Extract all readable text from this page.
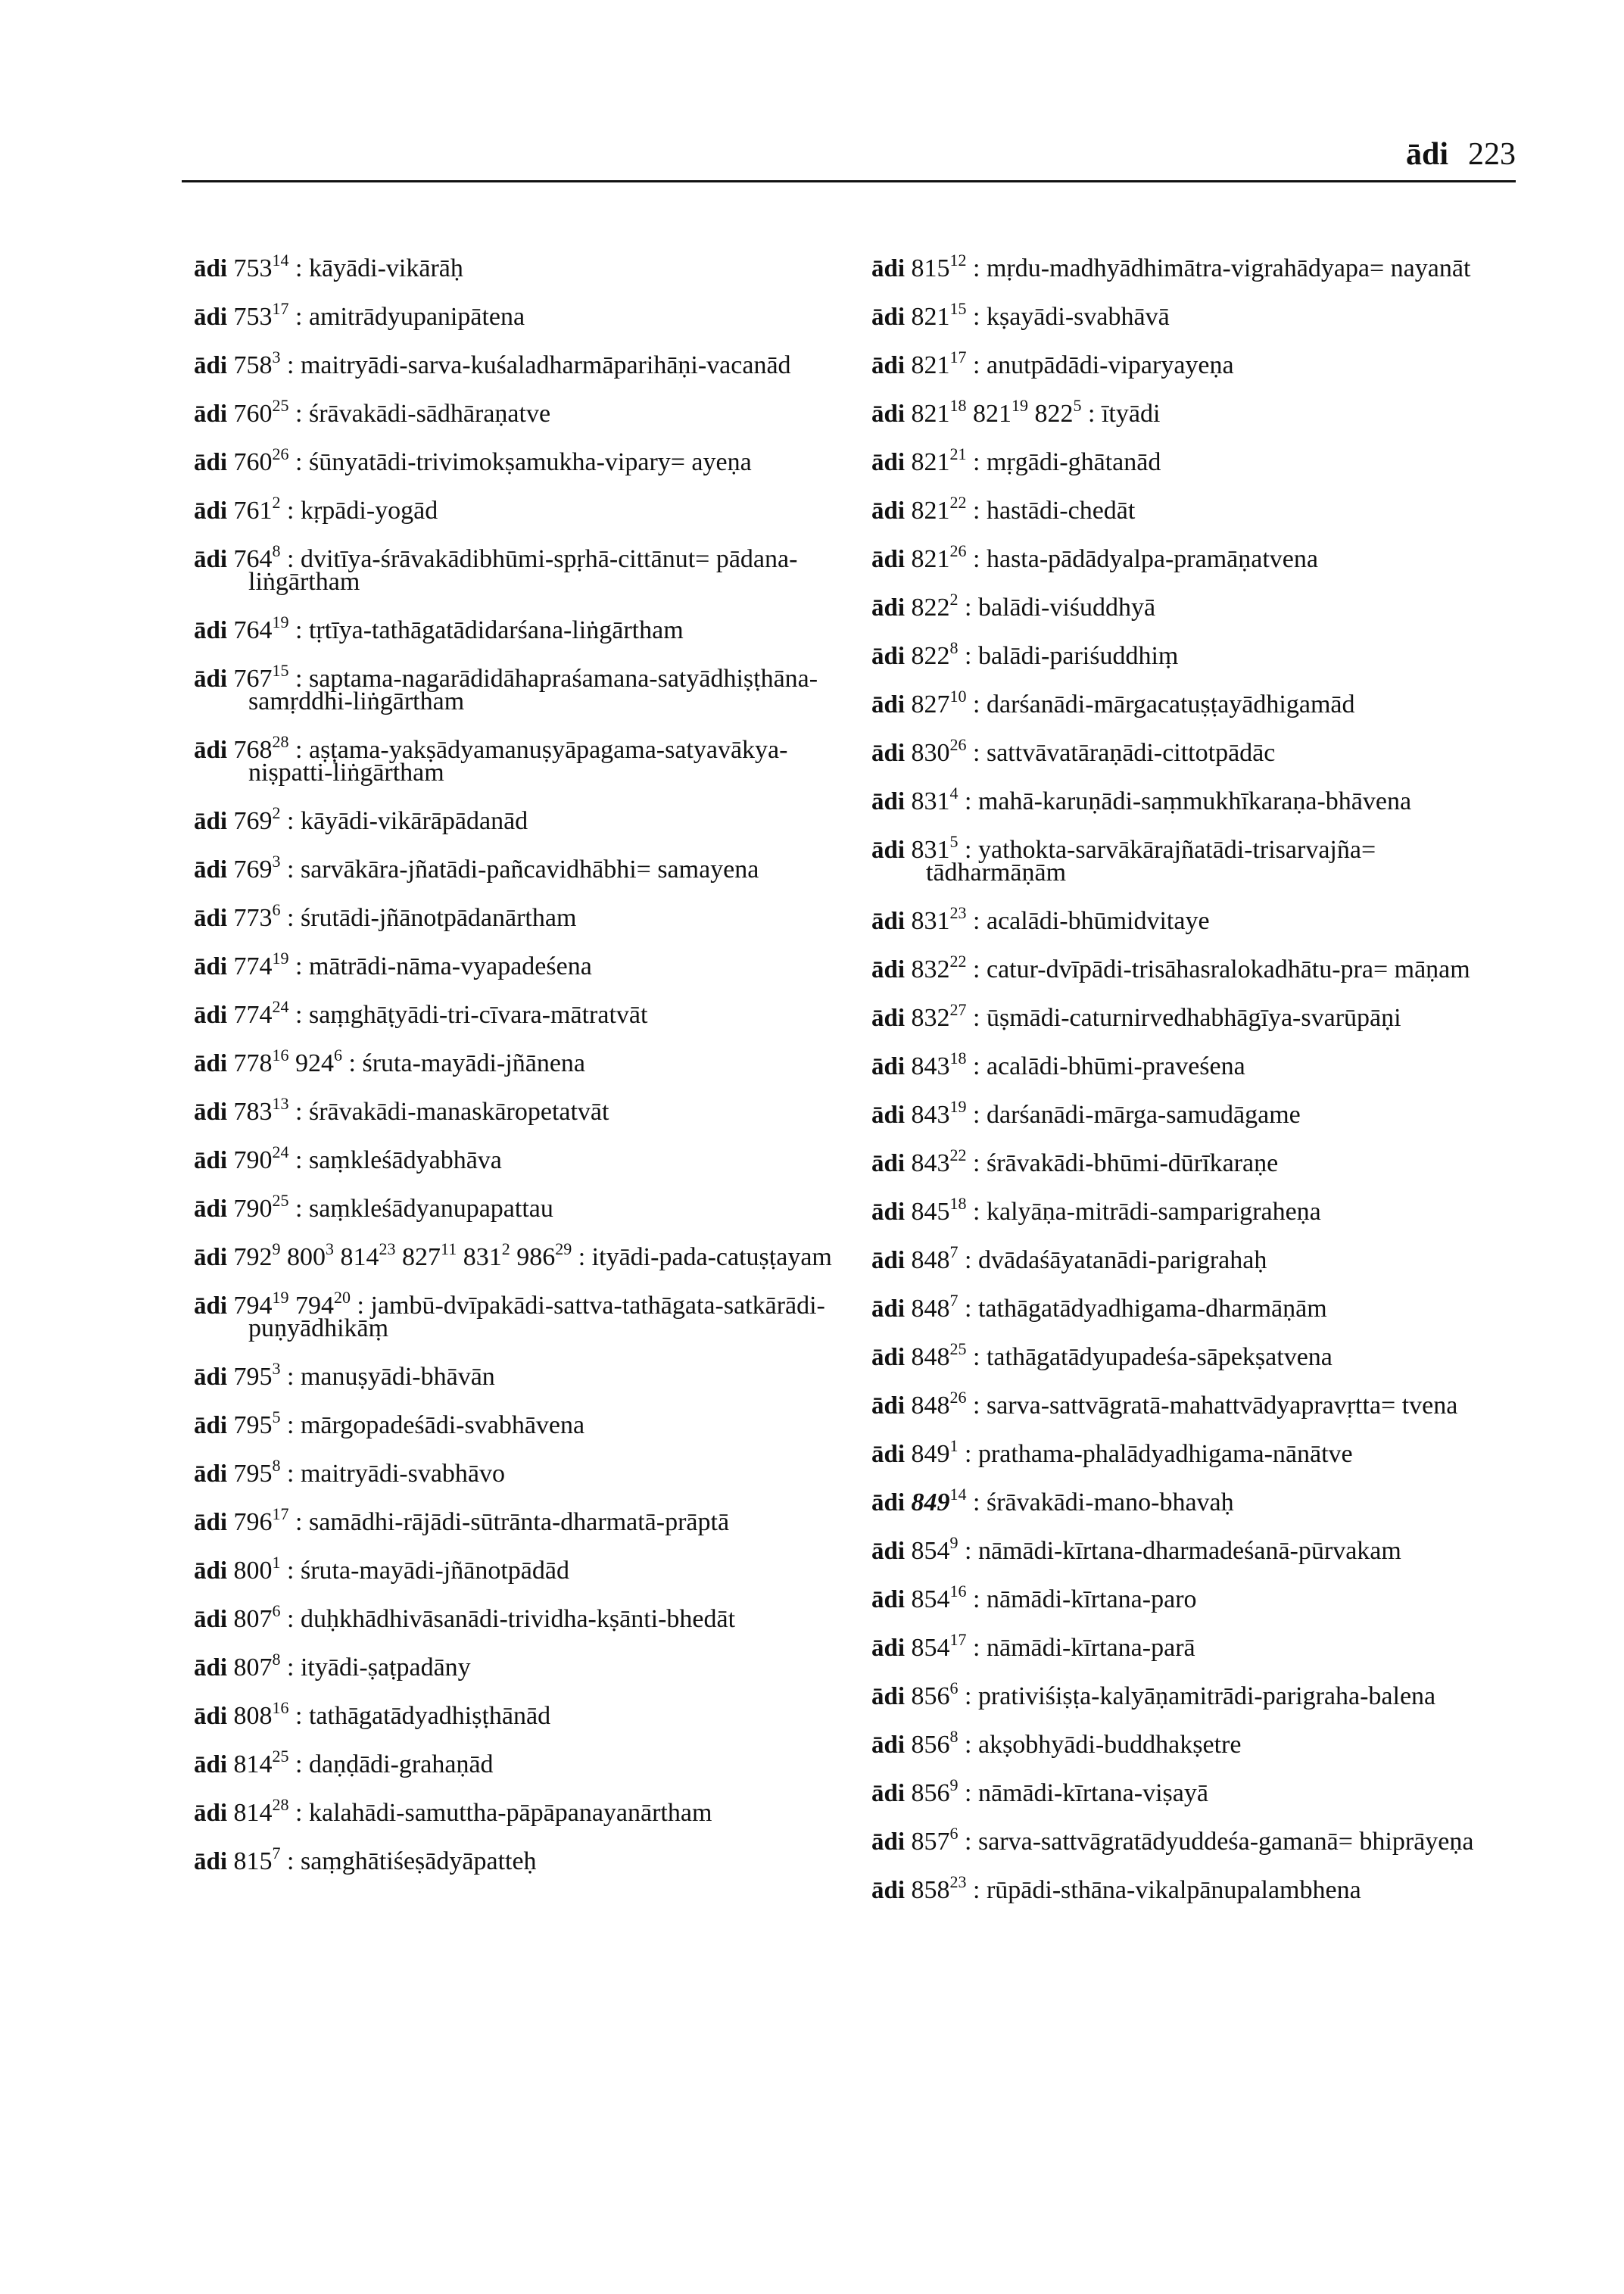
ādi 223
ādi $753^{14}$ : kāyādi-vikārāḥ
ādi $753^{17}$ : amitrādyupanipātena
ādi $758^3$ : maitryādi-sarva-kuśaladharmāparihāṇi-vacanād
ādi $760^{25}$ : śrāvakādi-sādhāraṇatve
ādi $760^{26}$ : śūnyatādi-trivimokṣamukha-vipary= ayeṇa
ādi $761^2$ : kṛpādi-yogād
ādi $764^8$ : dvitīya-śrāvakādibhūmi-spṛhā-cittānut= pādana-liṅgārtham
ādi $764^{19}$ : tṛtīya-tathāgatādidarśana-liṅgārtham
ādi $767^{15}$ : saptama-nagarādidāhapraśamana-satyādhiṣṭhāna-samṛddhi-liṅgārtham
ādi $768^{28}$ : aṣṭama-yakṣādyamanuṣyāpagama-satyavākya-niṣpatti-liṅgārtham
ādi $769^2$ : kāyādi-vikārāpādanād
ādi $769^3$ : sarvākāra-jñatādi-pañcavidhābhi= samayena
ādi $773^6$ : śrutādi-jñānotpādanārtham
ādi $774^{19}$ : mātrādi-nāma-vyapadeśena
ādi $774^{24}$ : saṃghāṭyādi-tri-cīvara-mātratvāt
ādi $778^{16}$ $924^6$ : śruta-mayādi-jñānena
ādi $783^{13}$ : śrāvakādi-manaskāropetatvāt
ādi $790^{24}$ : saṃkleśādyabhāva
ādi $790^{25}$ : saṃkleśādyanupapattau
ādi $792^9$ $800^3$ $814^{23}$ $827^{11}$ $831^2$ $986^{29}$ : ityādi-pada-catuṣṭayam
ādi $794^{19}$ $794^{20}$ : jambū-dvīpakādi-sattva-tathāgata-satkārādi-puṇyādhikāṃ
ādi $795^3$ : manuṣyādi-bhāvān
ādi $795^5$ : mārgopadeśādi-svabhāvena
ādi $795^8$ : maitryādi-svabhāvo
ādi $796^{17}$ : samādhi-rājādi-sūtrānta-dharmatā-prāptā
ādi $800^1$ : śruta-mayādi-jñānotpādād
ādi $807^6$ : duḥkhādhivāsanādi-trividha-kṣānti-bhedāt
ādi $807^8$ : ityādi-ṣaṭpadāny
ādi $808^{16}$ : tathāgatādyadhiṣṭhānād
ādi $814^{25}$ : daṇḍādi-grahaṇād
ādi $814^{28}$ : kalahādi-samuttha-pāpāpanayanārtham
ādi $815^7$ : saṃghātiśeṣādyāpatteḥ
ādi $815^{12}$ : mṛdu-madhyādhimātra-vigrahādyapa= nayanāt
ādi $821^{15}$ : kṣayādi-svabhāvā
ādi $821^{17}$ : anutpādādi-viparyayeṇa
ādi $821^{18}$ $821^{19}$ $822^5$ : ītyādi
ādi $821^{21}$ : mṛgādi-ghātanād
ādi $821^{22}$ : hastādi-chedāt
ādi $821^{26}$ : hasta-pādādyalpa-pramāṇatvena
ādi $822^2$ : balādi-viśuddhyā
ādi $822^8$ : balādi-pariśuddhiṃ
ādi $827^{10}$ : darśanādi-mārgacatuṣṭayādhigamād
ādi $830^{26}$ : sattvāvatāraṇādi-cittotpādāc
ādi $831^4$ : mahā-karuṇādi-saṃmukhīkaraṇa-bhāvena
ādi $831^5$ : yathokta-sarvākārajñatādi-trisarvajña= tādharmāṇām
ādi $831^{23}$ : acalādi-bhūmidvitaye
ādi $832^{22}$ : catur-dvīpādi-trisāhasralokadhātu-pra= māṇam
ādi $832^{27}$ : ūṣmādi-caturnirvedhabhāgīya-svarūpāṇi
ādi $843^{18}$ : acalādi-bhūmi-praveśena
ādi $843^{19}$ : darśanādi-mārga-samudāgame
ādi $843^{22}$ : śrāvakādi-bhūmi-dūrīkaraṇe
ādi $845^{18}$ : kalyāṇa-mitrādi-samparigraheṇa
ādi $848^7$ : dvādaśāyatanādi-parigrahaḥ
ādi $848^7$ : tathāgatādyadhigama-dharmāṇām
ādi $848^{25}$ : tathāgatādyupadeśa-sāpekṣatvena
ādi $848^{26}$ : sarva-sattvāgratā-mahattvādyapravṛtta= tvena
ādi $849^1$ : prathama-phalādyadhigama-nānātve
ādi $849^{14}$ : śrāvakādi-mano-bhavaḥ
ādi $854^9$ : nāmādi-kīrtana-dharmadeśanā-pūrvakam
ādi $854^{16}$ : nāmādi-kīrtana-paro
ādi $854^{17}$ : nāmādi-kīrtana-parā
ādi $856^6$ : prativiśiṣṭa-kalyāṇamitrādi-parigraha-balena
ādi $856^8$ : akṣobhyādi-buddhakṣetre
ādi $856^9$ : nāmādi-kīrtana-viṣayā
ādi $857^6$ : sarva-sattvāgratādyuddeśa-gamanā= bhiprāyeṇa
ādi $858^{23}$ : rūpādi-sthāna-vikalpānupalambhena
